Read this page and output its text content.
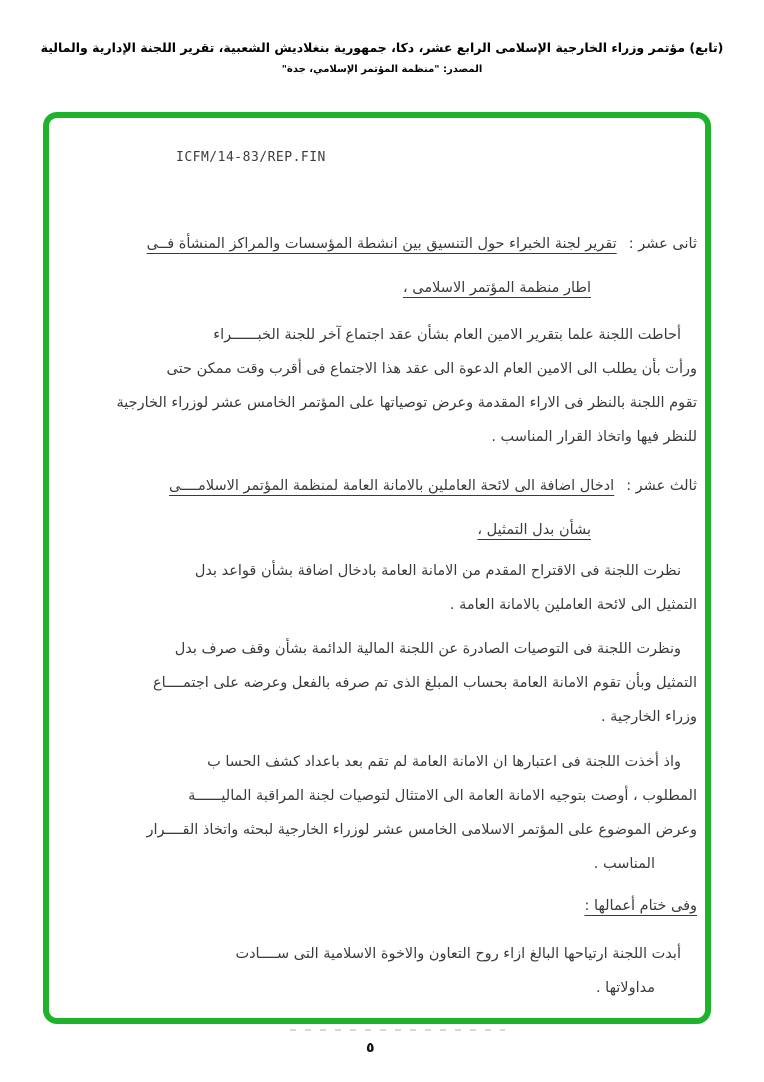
(تابع) مؤتمر وزراء الخارجية الإسلامى الرابع عشر، دكا، جمهورية بنغلاديش الشعبية، تقرير اللجنة الإدارية والمالية
المصدر: "منظمة المؤتمر الإسلامي، جدة"
ICFM/14-83/REP.FIN
ثانى عشر :تقرير لجنة الخبراء حول التنسيق بين انشطة المؤسسات والمراكز المنشأة فــى
اطار منظمة المؤتمر الاسلامى ،
أحاطت اللجنة علما بتقرير الامين العام بشأن عقد اجتماع آخر للجنة الخبــــــراء
ورأت بأن يطلب الى الامين العام الدعوة الى عقد هذا الاجتماع فى أقرب وقت ممكن حتى
تقوم اللجنة بالنظر فى الاراء المقدمة وعرض توصياتها على المؤتمر الخامس عشر لوزراء الخارجية
للنظر فيها واتخاذ القرار المناسب .
ثالث عشر :ادخال اضافة الى لائحة العاملين بالامانة العامة لمنظمة المؤتمر الاسلامــــى
بشأن بدل التمثيل ،
نظرت اللجنة فى الاقتراح المقدم من الامانة العامة بادخال اضافة بشأن قواعد بدل
التمثيل الى لائحة العاملين بالامانة العامة .
ونظرت اللجنة فى التوصيات الصادرة عن اللجنة المالية الدائمة بشأن وقف صرف بدل
التمثيل وبأن تقوم الامانة العامة بحساب المبلغ الذى تم صرفه بالفعل وعرضه على اجتمــــاع
وزراء الخارجية .
واذ أخذت اللجنة فى اعتبارها ان الامانة العامة لم تقم بعد باعداد كشف الحسا ب
المطلوب ، أوصت بتوجيه الامانة العامة الى الامتثال لتوصيات لجنة المراقبة الماليــــــة
وعرض الموضوع على المؤتمر الاسلامى الخامس عشر لوزراء الخارجية لبحثه واتخاذ القــــرار
المناسب .
وفى ختام أعمالها :
أبدت اللجنة ارتياحها البالغ ازاء روح التعاون والاخوة الاسلامية التى ســــادت
مداولاتها .
٥
